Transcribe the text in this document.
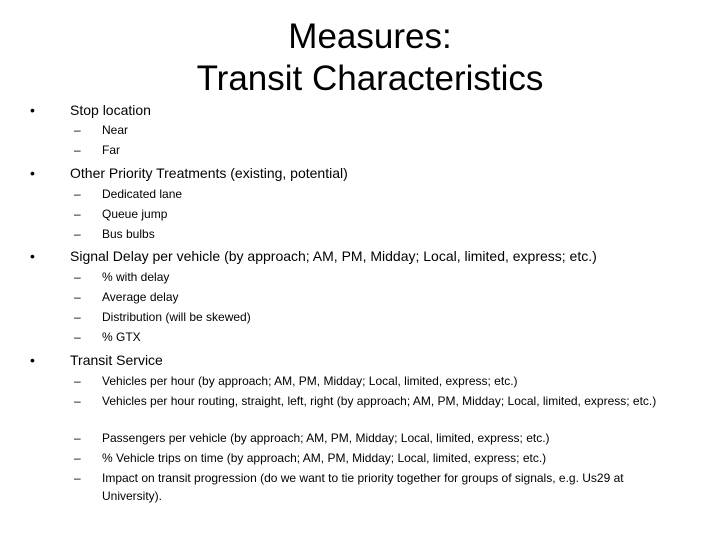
Measures:
Transit Characteristics
•	Stop location
– Near
– Far
•	Other Priority Treatments (existing, potential)
– Dedicated lane
– Queue jump
– Bus bulbs
•	Signal Delay per vehicle (by approach; AM, PM, Midday; Local, limited, express; etc.)
– % with delay
– Average delay
– Distribution (will be skewed)
– % GTX
•	Transit Service
– Vehicles per hour (by approach; AM, PM, Midday; Local, limited, express; etc.)
– Vehicles per hour routing, straight, left, right (by approach; AM, PM, Midday; Local, limited, express; etc.)
– Passengers per vehicle (by approach; AM, PM, Midday; Local, limited, express; etc.)
– % Vehicle trips on time (by approach; AM, PM, Midday; Local, limited, express; etc.)
– Impact on transit progression (do we want to tie priority together for groups of signals, e.g. Us29 at University).
